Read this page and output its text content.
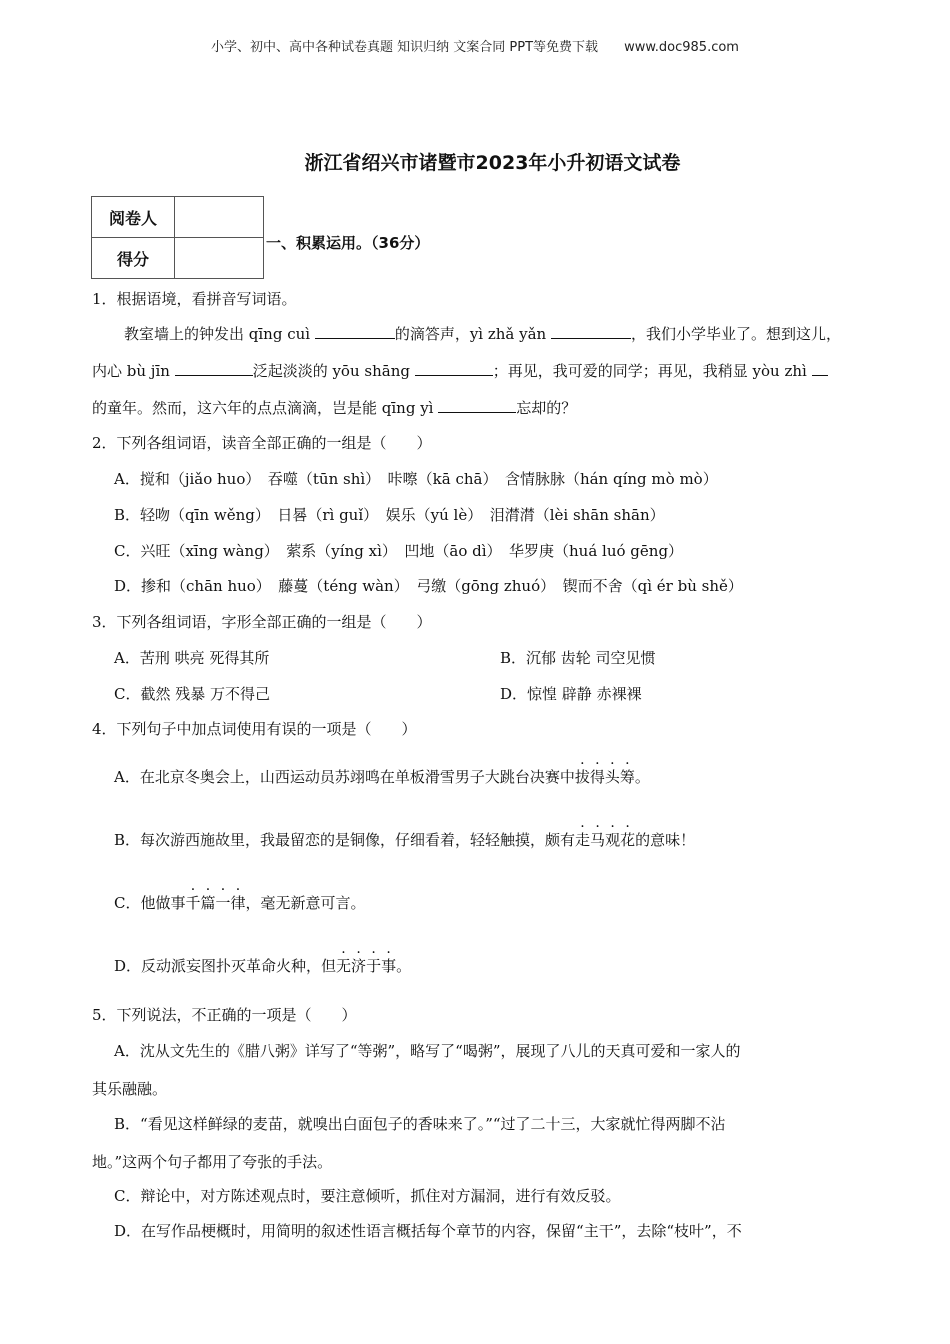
小学、初中、高中各种试卷真题 知识归纳 文案合同 PPT等免费下载 www.doc985.com
浙江省绍兴市诸暨市2023年小升初语文试卷
阅卷人	
得分	
一、积累运用。（36分）
1．根据语境，看拼音写词语。
教室墙上的钟发出 qīng cuì	的滴答声，yì zhǎ yǎn	，我们小学毕业了。想到这儿，
内心 bù jīn	泛起淡淡的 yōu shāng	；再见，我可爱的同学；再见，我稍显 yòu zhì
的童年。然而，这六年的点点滴滴，岂是能 qīng yì	忘却的？
2．下列各组词语，读音全部正确的一组是（　　）
A．搅和（jiǎo huo）　吞噬（tūn shì）　咔嚓（kā chā）　含情脉脉（hán qíng mò mò）
B．轻吻（qīn wěng）　日晷（rì guǐ）　娱乐（yú lè）　泪潸潸（lèi shān shān）
C．兴旺（xīng wàng）　萦系（yíng xì）　凹地（āo dì）　华罗庚（huá luó gēng）
D．掺和（chān huo）　藤蔓（téng wàn）　弓缴（gōng zhuó）　锲而不舍（qì ér bù shě）
3．下列各组词语，字形全部正确的一组是（　　）
A．苦刑 哄亮 死得其所	B．沉郁 齿轮 司空见惯
C．截然 残暴 万不得己	D．惊惶 辟静 赤裸裸
4．下列句子中加点词使用有误的一项是（　　）
A．在北京冬奥会上，山西运动员苏翊鸣在单板滑雪男子大跳台决赛中拔得头筹。
B．每次游西施故里，我最留恋的是铜像，仔细看着，轻轻触摸，颇有走马观花的意味！
C．他做事千篇一律，毫无新意可言。
D．反动派妄图扑灭革命火种，但无济于事。
5．下列说法，不正确的一项是（　　）
A．沈从文先生的《腊八粥》详写了“等粥”，略写了“喝粥”，展现了八儿的天真可爱和一家人的
其乐融融。
B．“看见这样鲜绿的麦苗，就嗅出白面包子的香味来了。”“过了二十三，大家就忙得两脚不沾
地。”这两个句子都用了夸张的手法。
C．辩论中，对方陈述观点时，要注意倾听，抓住对方漏洞，进行有效反驳。
D．在写作品梗概时，用简明的叙述性语言概括每个章节的内容，保留“主干”，去除“枝叶”，不
